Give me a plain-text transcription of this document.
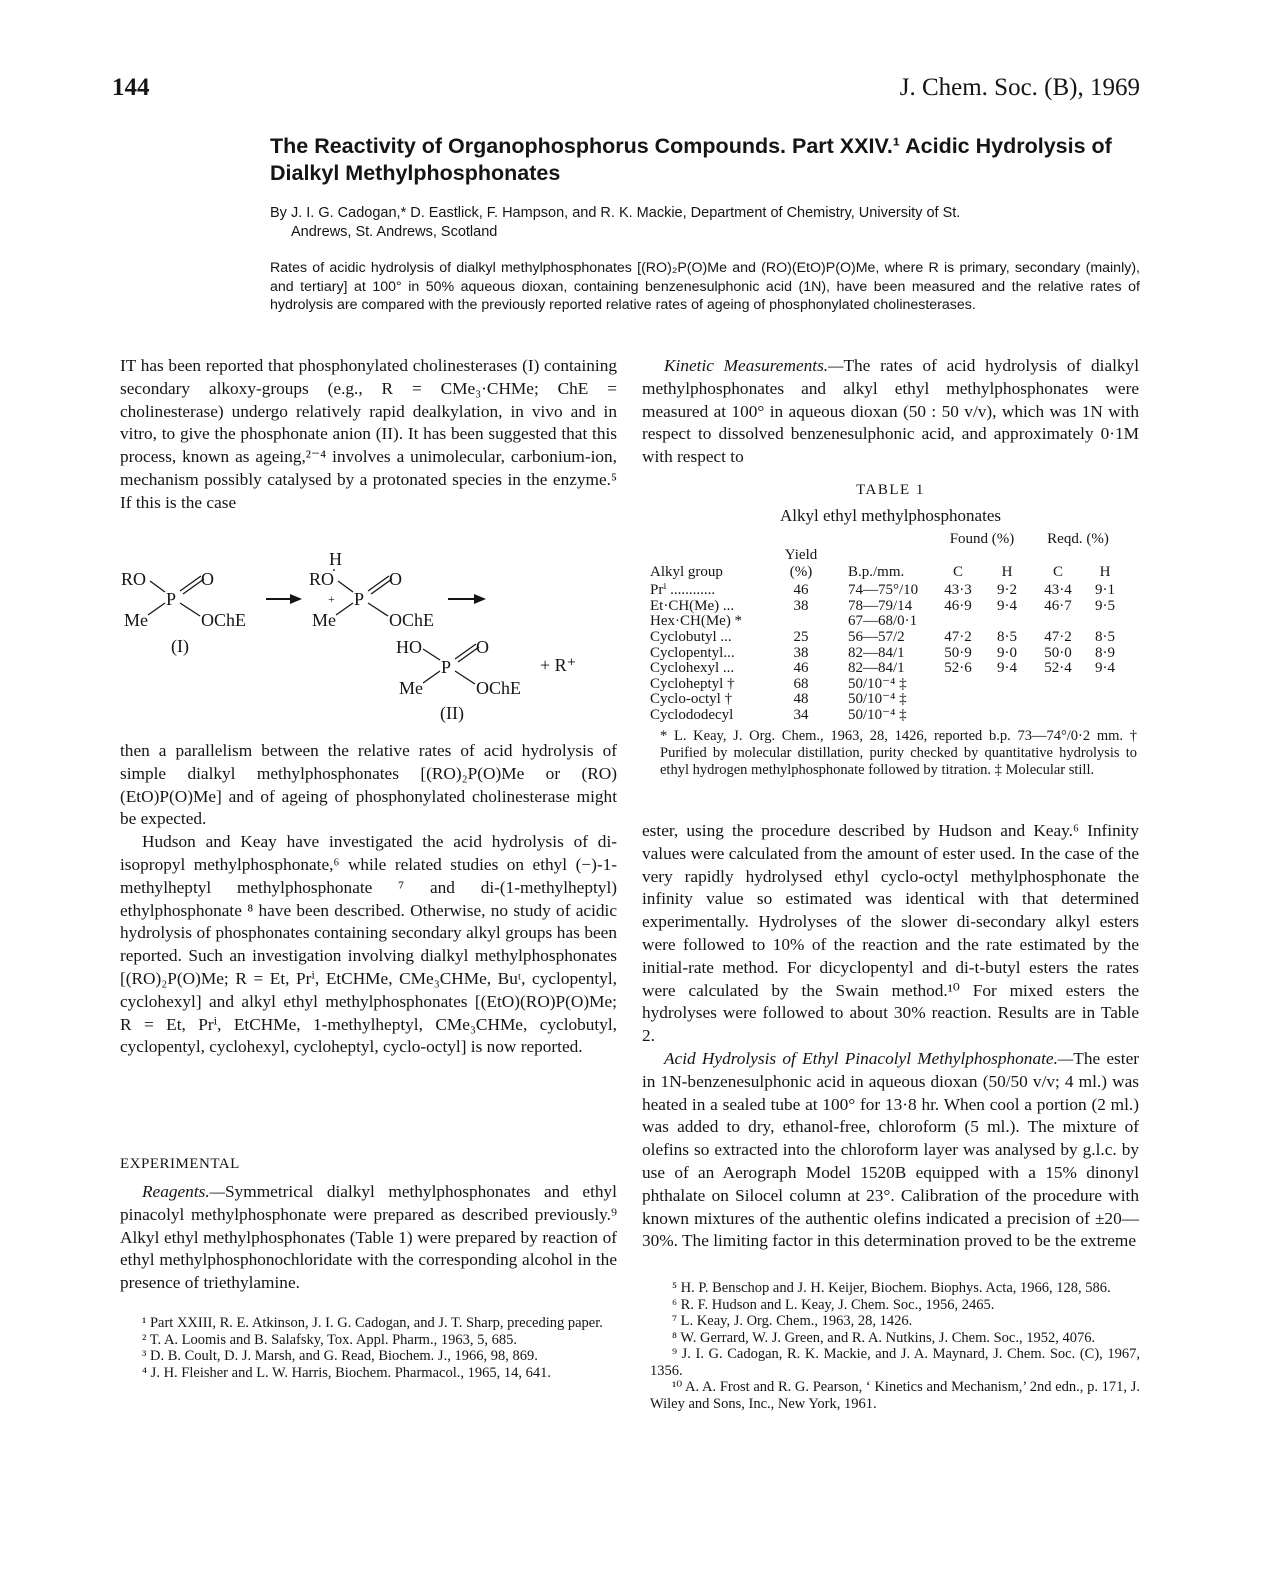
144	J. Chem. Soc. (B), 1969
The Reactivity of Organophosphorus Compounds. Part XXIV.¹ Acidic Hydrolysis of Dialkyl Methylphosphonates
By J. I. G. Cadogan,* D. Eastlick, F. Hampson, and R. K. Mackie, Department of Chemistry, University of St.
Andrews, St. Andrews, Scotland
Rates of acidic hydrolysis of dialkyl methylphosphonates [(RO)₂P(O)Me and (RO)(EtO)P(O)Me, where R is primary, secondary (mainly), and tertiary] at 100° in 50% aqueous dioxan, containing benzenesulphonic acid (1N), have been measured and the relative rates of hydrolysis are compared with the previously reported relative rates of ageing of phosphonylated cholinesterases.
IT has been reported that phosphonylated cholinesterases (I) containing secondary alkoxy-groups (e.g., R = CMe₃·CHMe; ChE = cholinesterase) undergo relatively rapid dealkylation, in vivo and in vitro, to give the phosphonate anion (II). It has been suggested that this process, known as ageing,²⁻⁴ involves a unimolecular, carbonium-ion, mechanism possibly catalysed by a protonated species in the enzyme.⁵ If this is the case
RO	O
P
Me	OChE
(I)
H
RO
+
O
P
Me	OChE
HO	O
P
Me	OChE
(II)
+ R⁺

then a parallelism between the relative rates of acid hydrolysis of simple dialkyl methylphosphonates [(RO)₂P(O)Me or (RO)(EtO)P(O)Me] and of ageing of phosphonylated cholinesterase might be expected.

Hudson and Keay have investigated the acid hydrolysis of di-isopropyl methylphosphonate,⁶ while related studies on ethyl (−)-1-methylheptyl methylphosphonate ⁷ and di-(1-methylheptyl) ethylphosphonate ⁸ have been described. Otherwise, no study of acidic hydrolysis of phosphonates containing secondary alkyl groups has been reported. Such an investigation involving dialkyl methylphosphonates [(RO)₂P(O)Me; R = Et, Prⁱ, EtCHMe, CMe₃CHMe, Buᵗ, cyclopentyl, cyclohexyl] and alkyl ethyl methylphosphonates [(EtO)(RO)P(O)Me; R = Et, Prⁱ, EtCHMe, 1-methylheptyl, CMe₃CHMe, cyclobutyl, cyclopentyl, cyclohexyl, cycloheptyl, cyclo-octyl] is now reported.

EXPERIMENTAL

Reagents.—Symmetrical dialkyl methylphosphonates and ethyl pinacolyl methylphosphonate were prepared as described previously.⁹ Alkyl ethyl methylphosphonates (Table 1) were prepared by reaction of ethyl methylphosphonochloridate with the corresponding alcohol in the presence of triethylamine.

¹ Part XXIII, R. E. Atkinson, J. I. G. Cadogan, and J. T. Sharp, preceding paper.

² T. A. Loomis and B. Salafsky, Tox. Appl. Pharm., 1963, 5, 685.

³ D. B. Coult, D. J. Marsh, and G. Read, Biochem. J., 1966, 98, 869.

⁴ J. H. Fleisher and L. W. Harris, Biochem. Pharmacol., 1965, 14, 641.

Kinetic Measurements.—The rates of acid hydrolysis of dialkyl methylphosphonates and alkyl ethyl methylphosphonates were measured at 100° in aqueous dioxan (50 : 50 v/v), which was 1N with respect to dissolved benzenesulphonic acid, and approximately 0·1M with respect to

TABLE 1
Alkyl ethyl methylphosphonates
			Found (%)		Reqd. (%)	
	Yield					
Alkyl group	(%)	B.p./mm.	C	H	C	H
Prⁱ ............	46	74—75°/10	43·3	9·2	43·4	9·1
Et·CH(Me) ...	38	78—79/14	46·9	9·4	46·7	9·5
Hex·CH(Me) *		67—68/0·1				
Cyclobutyl ...	25	56—57/2	47·2	8·5	47·2	8·5
Cyclopentyl...	38	82—84/1	50·9	9·0	50·0	8·9
Cyclohexyl ...	46	82—84/1	52·6	9·4	52·4	9·4
Cycloheptyl †	68	50/10⁻⁴ ‡				
Cyclo-octyl †	48	50/10⁻⁴ ‡				
Cyclododecyl	34	50/10⁻⁴ ‡				
* L. Keay, J. Org. Chem., 1963, 28, 1426, reported b.p. 73—74°/0·2 mm. † Purified by molecular distillation, purity checked by quantitative hydrolysis to ethyl hydrogen methylphosphonate followed by titration. ‡ Molecular still.

ester, using the procedure described by Hudson and Keay.⁶ Infinity values were calculated from the amount of ester used. In the case of the very rapidly hydrolysed ethyl cyclo-octyl methylphosphonate the infinity value so estimated was identical with that determined experimentally. Hydrolyses of the slower di-secondary alkyl esters were followed to 10% of the reaction and the rate estimated by the initial-rate method. For dicyclopentyl and di-t-butyl esters the rates were calculated by the Swain method.¹⁰ For mixed esters the hydrolyses were followed to about 30% reaction. Results are in Table 2.

Acid Hydrolysis of Ethyl Pinacolyl Methylphosphonate.—The ester in 1N-benzenesulphonic acid in aqueous dioxan (50/50 v/v; 4 ml.) was heated in a sealed tube at 100° for 13·8 hr. When cool a portion (2 ml.) was added to dry, ethanol-free, chloroform (5 ml.). The mixture of olefins so extracted into the chloroform layer was analysed by g.l.c. by use of an Aerograph Model 1520B equipped with a 15% dinonyl phthalate on Silocel column at 23°. Calibration of the procedure with known mixtures of the authentic olefins indicated a precision of ±20—30%. The limiting factor in this determination proved to be the extreme

⁵ H. P. Benschop and J. H. Keijer, Biochem. Biophys. Acta, 1966, 128, 586.

⁶ R. F. Hudson and L. Keay, J. Chem. Soc., 1956, 2465.

⁷ L. Keay, J. Org. Chem., 1963, 28, 1426.

⁸ W. Gerrard, W. J. Green, and R. A. Nutkins, J. Chem. Soc., 1952, 4076.

⁹ J. I. G. Cadogan, R. K. Mackie, and J. A. Maynard, J. Chem. Soc. (C), 1967, 1356.

¹⁰ A. A. Frost and R. G. Pearson, ‘ Kinetics and Mechanism,’ 2nd edn., p. 171, J. Wiley and Sons, Inc., New York, 1961.
